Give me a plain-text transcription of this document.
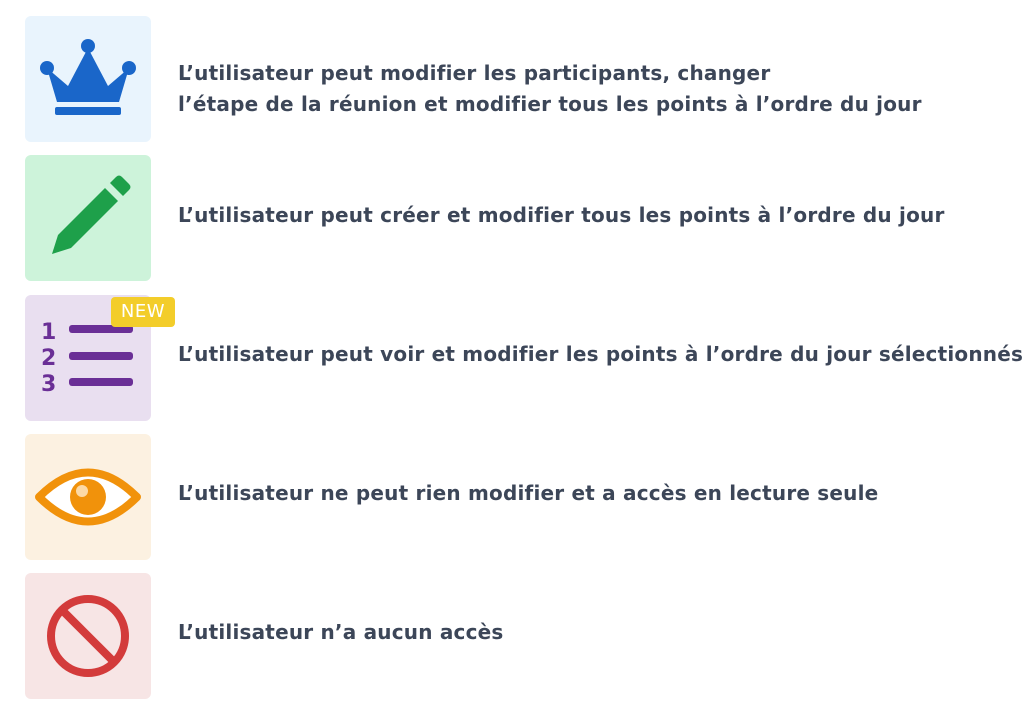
L’utilisateur peut modifier les participants, changer
l’étape de la réunion et modifier tous les points à l’ordre du jour
L’utilisateur peut créer et modifier tous les points à l’ordre du jour
1
2
3
NEW
L’utilisateur peut voir et modifier les points à l’ordre du jour sélectionnés
L’utilisateur ne peut rien modifier et a accès en lecture seule
L’utilisateur n’a aucun accès
